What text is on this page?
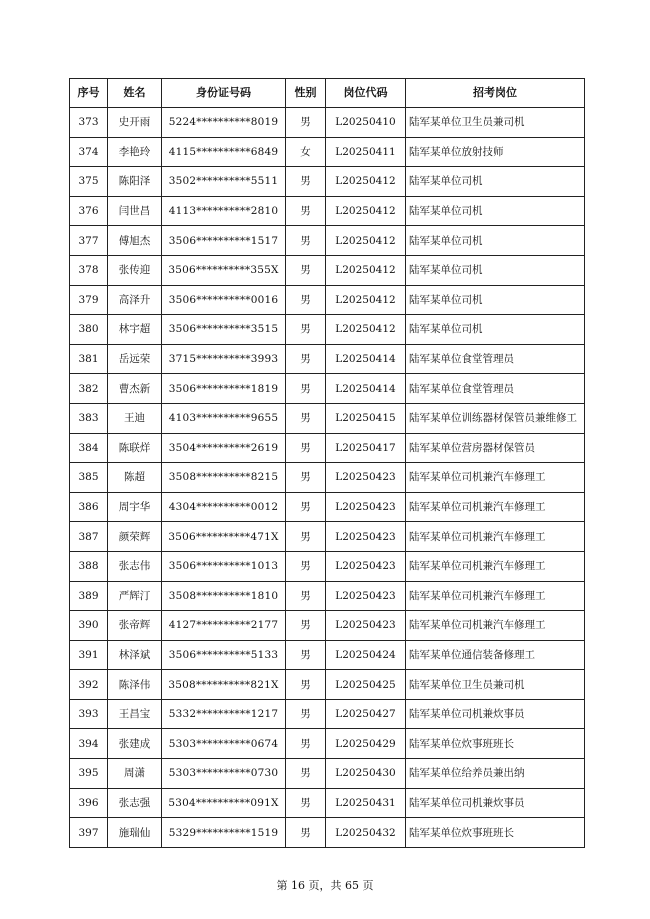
序号	姓名	身份证号码	性别	岗位代码	招考岗位
373	史开雨	5224**********8019	男	L20250410	陆军某单位卫生员兼司机
374	李艳玲	4115**********6849	女	L20250411	陆军某单位放射技师
375	陈阳泽	3502**********5511	男	L20250412	陆军某单位司机
376	闫世昌	4113**********2810	男	L20250412	陆军某单位司机
377	傅旭杰	3506**********1517	男	L20250412	陆军某单位司机
378	张传迎	3506**********355X	男	L20250412	陆军某单位司机
379	高泽升	3506**********0016	男	L20250412	陆军某单位司机
380	林宇超	3506**********3515	男	L20250412	陆军某单位司机
381	岳远荣	3715**********3993	男	L20250414	陆军某单位食堂管理员
382	曹杰新	3506**********1819	男	L20250414	陆军某单位食堂管理员
383	王迪	4103**********9655	男	L20250415	陆军某单位训练器材保管员兼维修工
384	陈联烊	3504**********2619	男	L20250417	陆军某单位营房器材保管员
385	陈超	3508**********8215	男	L20250423	陆军某单位司机兼汽车修理工
386	周宇华	4304**********0012	男	L20250423	陆军某单位司机兼汽车修理工
387	颜荣辉	3506**********471X	男	L20250423	陆军某单位司机兼汽车修理工
388	张志伟	3506**********1013	男	L20250423	陆军某单位司机兼汽车修理工
389	严辉汀	3508**********1810	男	L20250423	陆军某单位司机兼汽车修理工
390	张帝辉	4127**********2177	男	L20250423	陆军某单位司机兼汽车修理工
391	林泽斌	3506**********5133	男	L20250424	陆军某单位通信装备修理工
392	陈泽伟	3508**********821X	男	L20250425	陆军某单位卫生员兼司机
393	王昌宝	5332**********1217	男	L20250427	陆军某单位司机兼炊事员
394	张建成	5303**********0674	男	L20250429	陆军某单位炊事班班长
395	周潇	5303**********0730	男	L20250430	陆军某单位给养员兼出纳
396	张志强	5304**********091X	男	L20250431	陆军某单位司机兼炊事员
397	施瑞仙	5329**********1519	男	L20250432	陆军某单位炊事班班长
第 16 页，共 65 页
